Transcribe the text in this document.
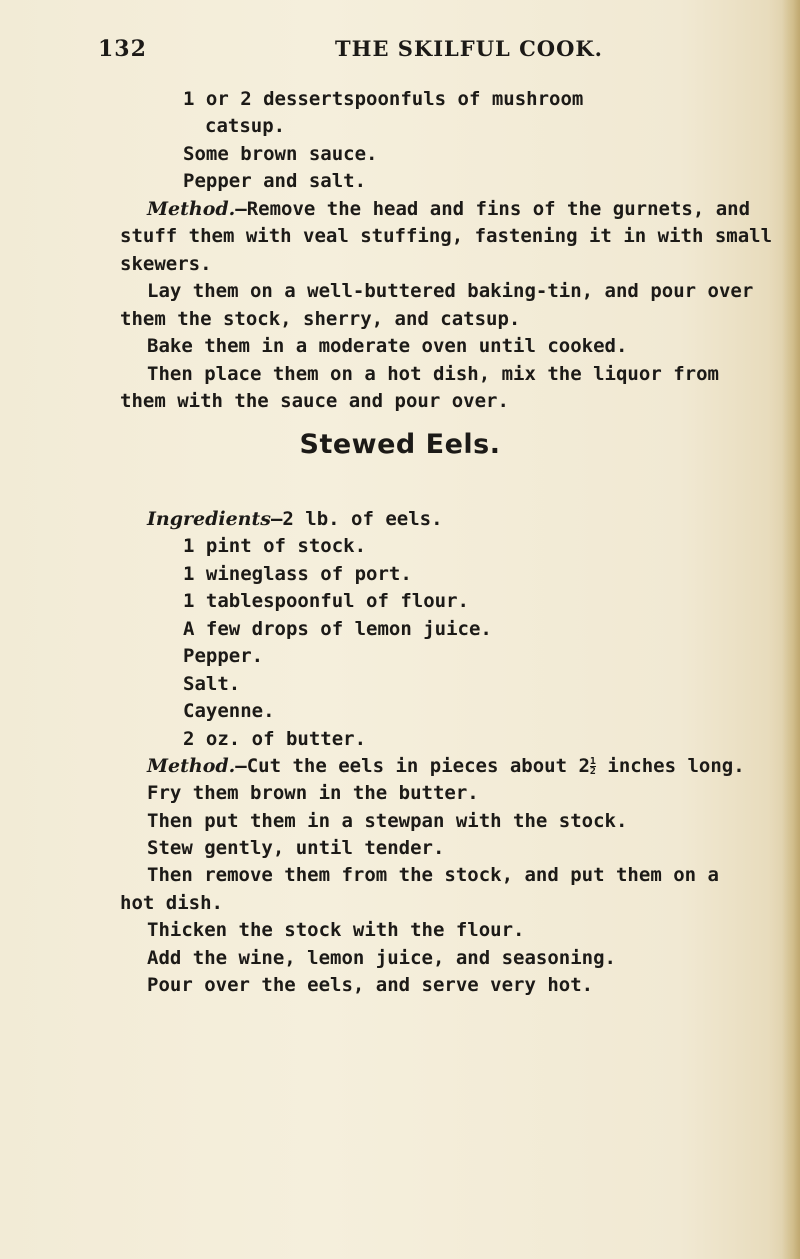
132	THE SKILFUL COOK.
1 or 2 dessertspoonfuls of mushroom
catsup.
Some brown sauce.
Pepper and salt.
Method.—Remove the head and fins of the gurnets, and
stuff them with veal stuffing, fastening it in with small
skewers.
Lay them on a well-buttered baking-tin, and pour over
them the stock, sherry, and catsup.
Bake them in a moderate oven until cooked.
Then place them on a hot dish, mix the liquor from
them with the sauce and pour over.
Stewed Eels.
Ingredients—2 lb. of eels.
1 pint of stock.
1 wineglass of port.
1 tablespoonful of flour.
A few drops of lemon juice.
Pepper.
Salt.
Cayenne.
2 oz. of butter.
Method.—Cut the eels in pieces about $2 \frac{1}{2}$ inches long.
Fry them brown in the butter.
Then put them in a stewpan with the stock.
Stew gently, until tender.
Then remove them from the stock, and put them on a
hot dish.
Thicken the stock with the flour.
Add the wine, lemon juice, and seasoning.
Pour over the eels, and serve very hot.
